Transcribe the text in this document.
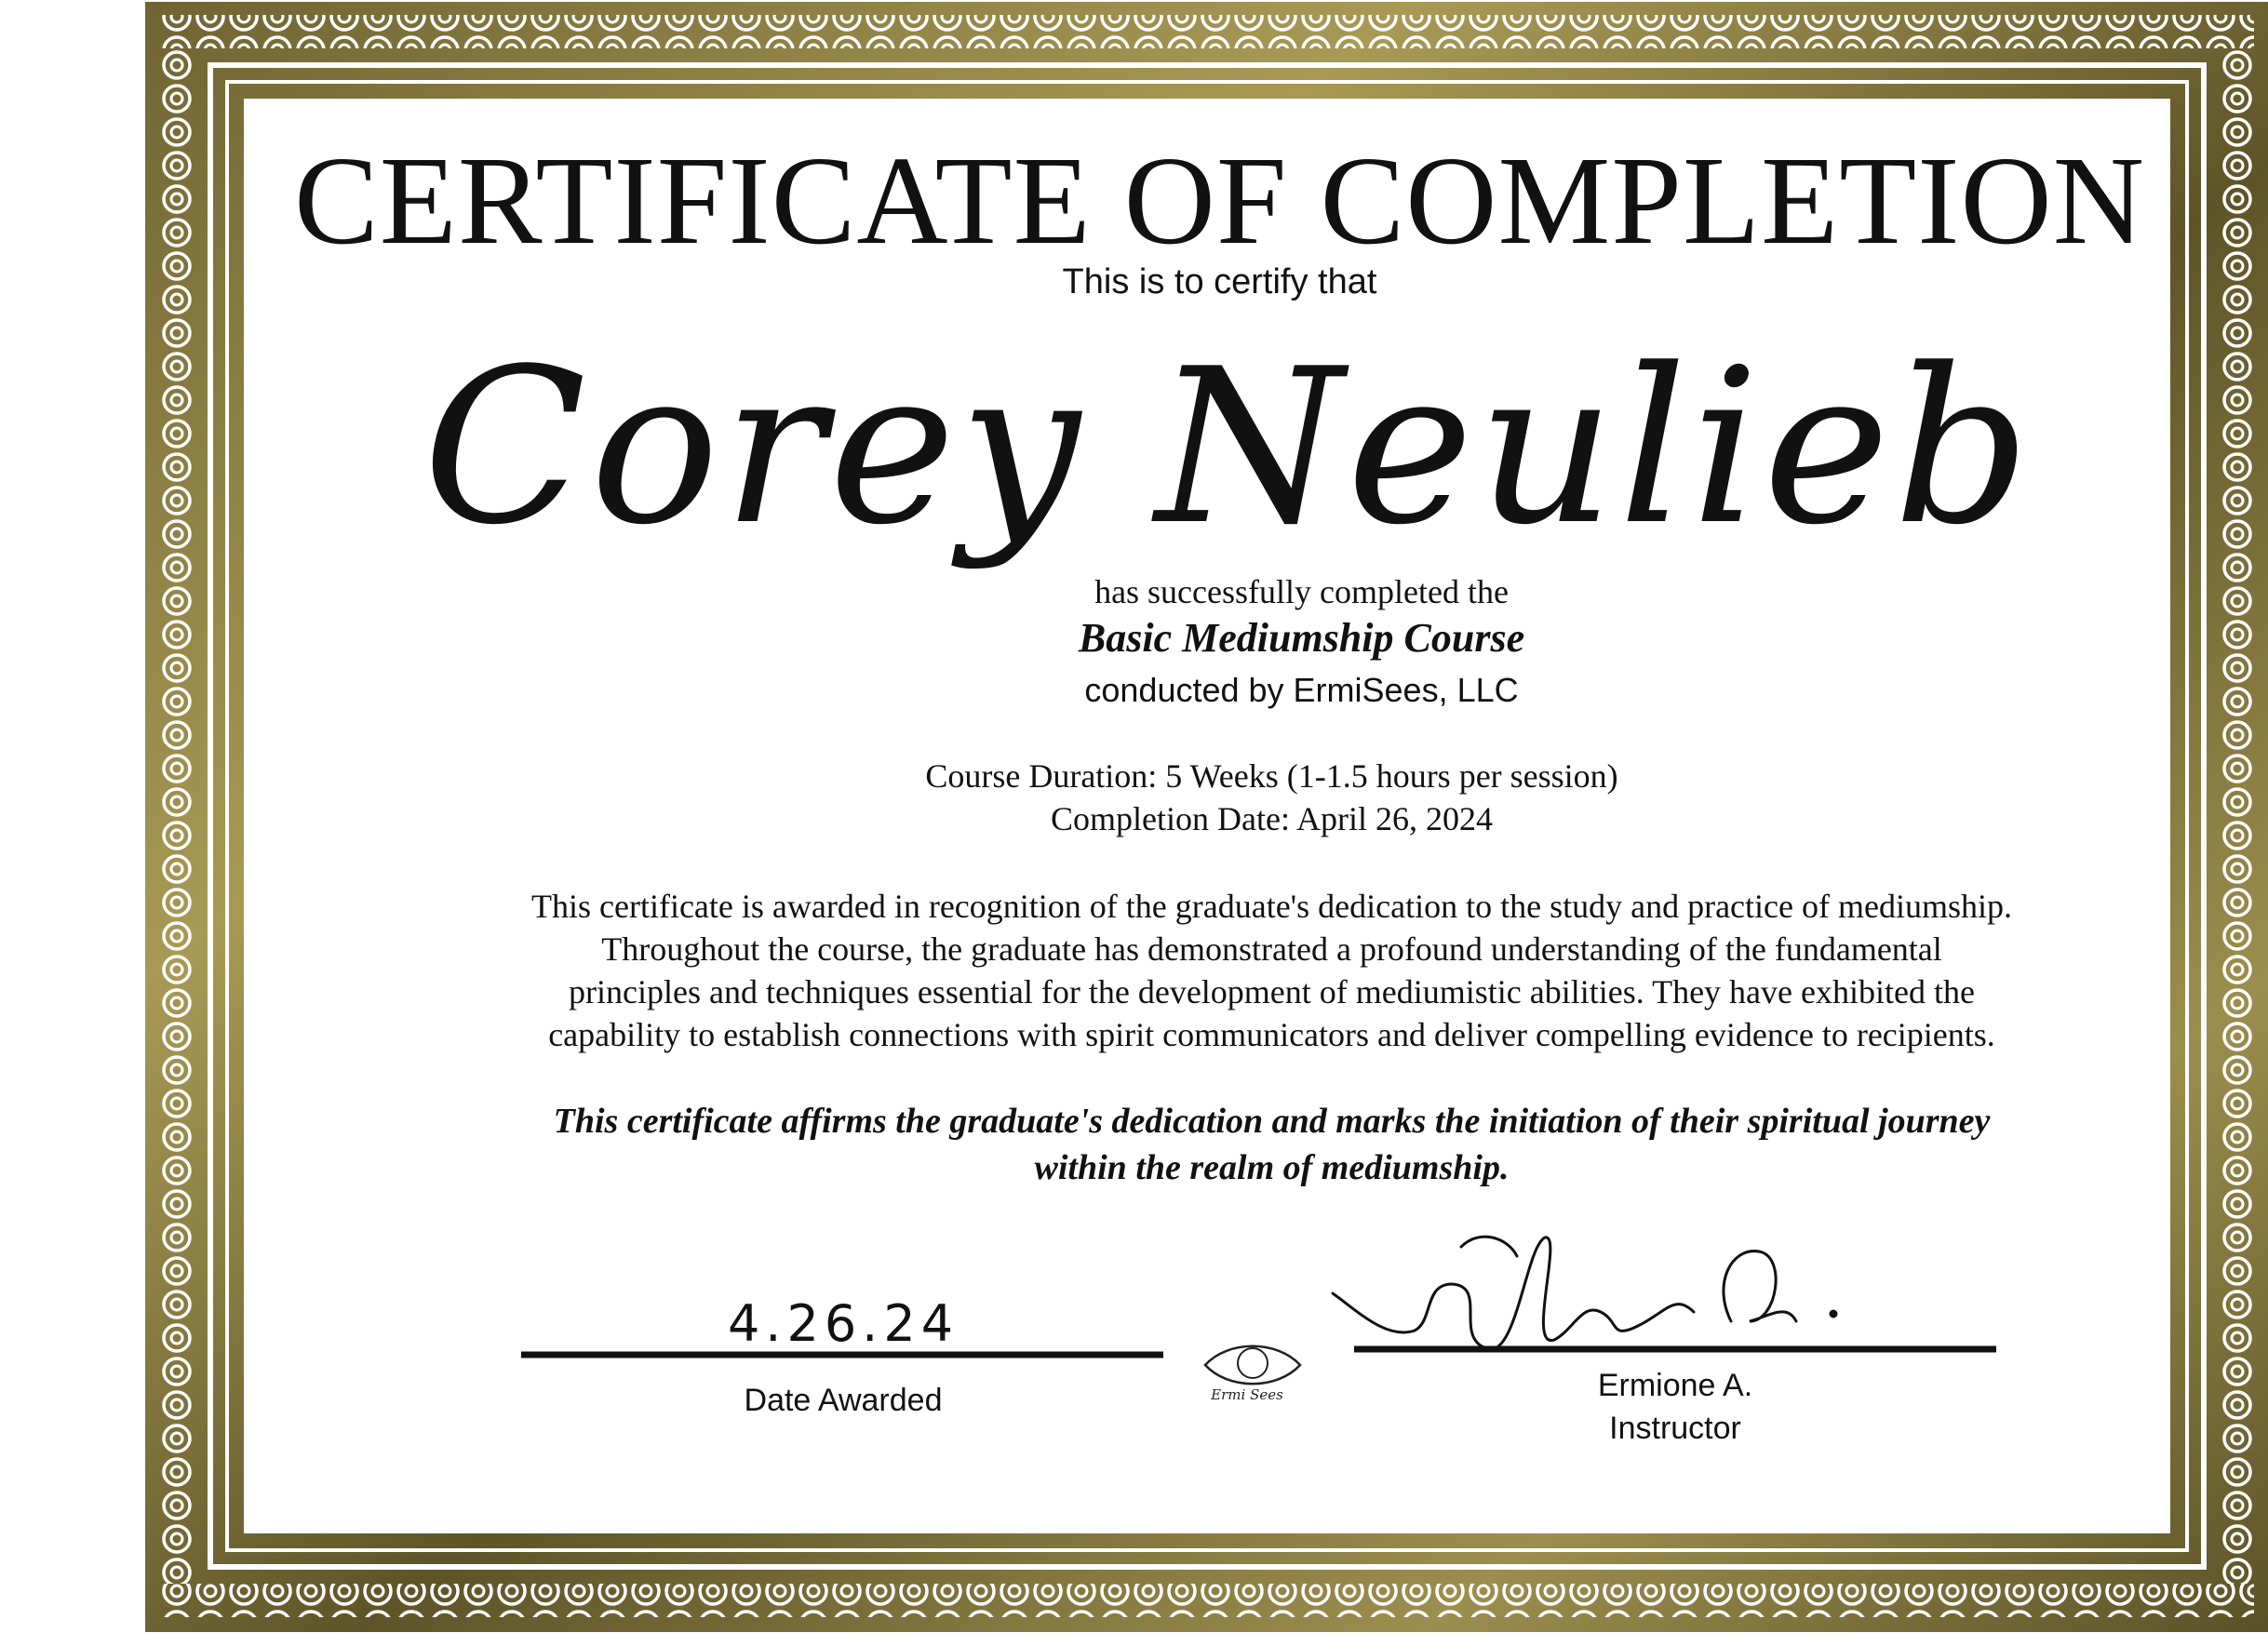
Corey Neulieb
Ermi Sees
CERTIFICATE OF COMPLETION
This is to certify that
has successfully completed the
Basic Mediumship Course
conducted by ErmiSees, LLC
Course Duration: 5 Weeks (1-1.5 hours per session)
Completion Date: April 26, 2024
This certificate is awarded in recognition of the graduate's dedication to the study and practice of mediumship.
Throughout the course, the graduate has demonstrated a profound understanding of the fundamental
principles and techniques essential for the development of mediumistic abilities. They have exhibited the
capability to establish connections with spirit communicators and deliver compelling evidence to recipients.
This certificate affirms the graduate's dedication and marks the initiation of their spiritual journey
within the realm of mediumship.
4.26.24
Date Awarded	Ermione A.
Instructor
